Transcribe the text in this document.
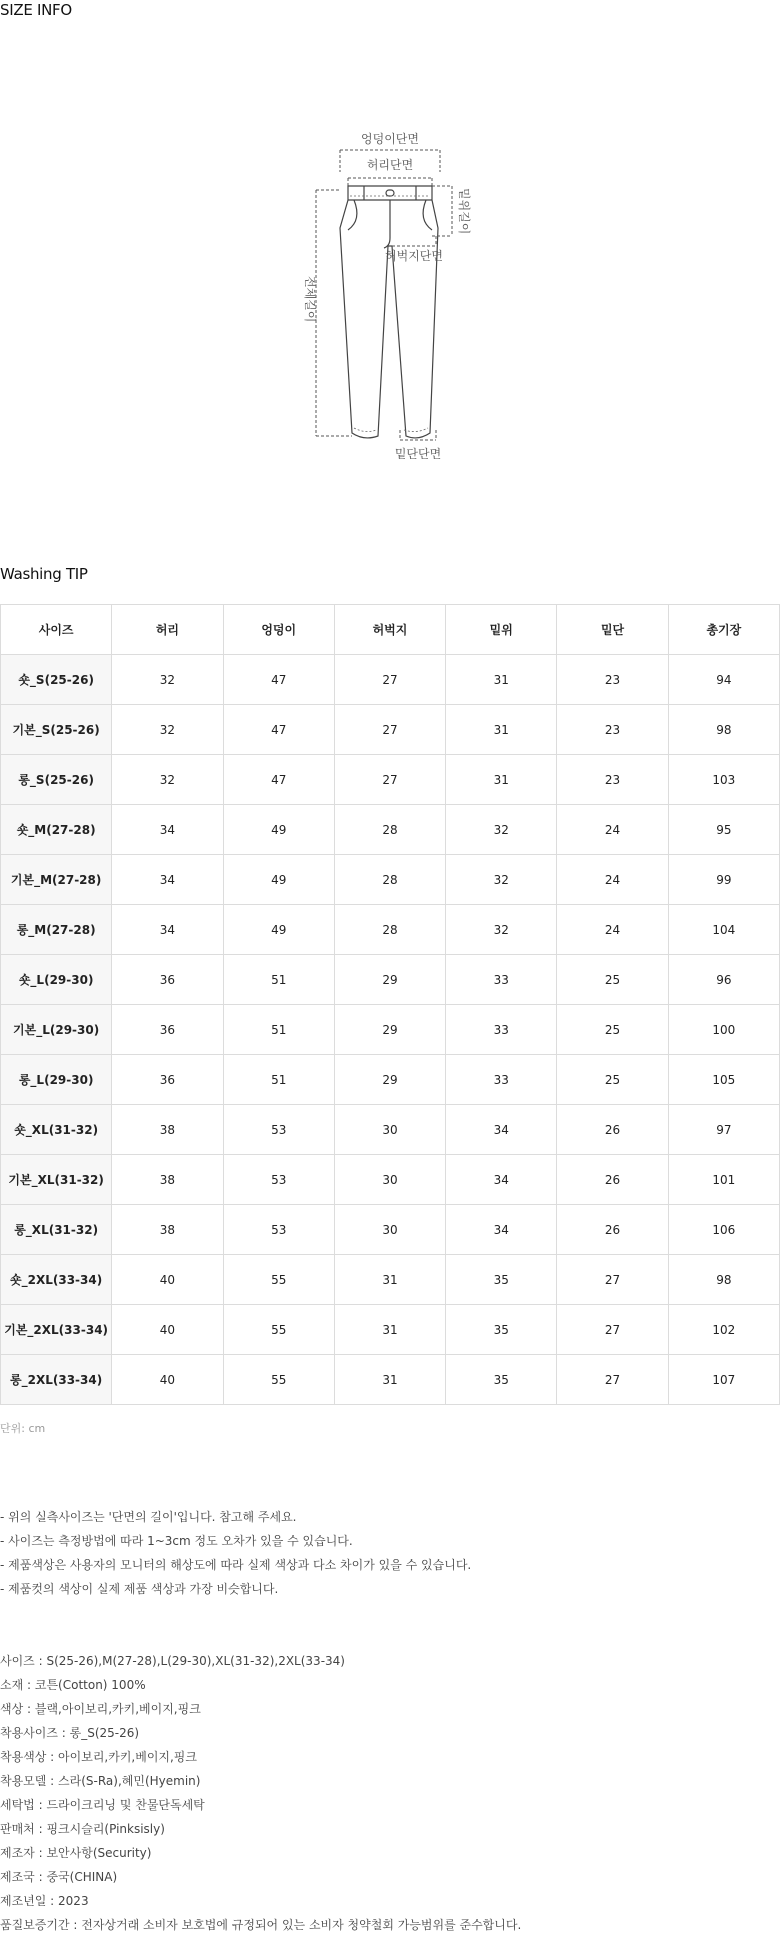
SIZE INFO
엉덩이단면
허리단면
밑위길이
허벅지단면
전체길이
밑단단면
Washing TIP
사이즈	허리	엉덩이	허벅지	밑위	밑단	총기장
숏_S(25-26)	32	47	27	31	23	94
기본_S(25-26)	32	47	27	31	23	98
롱_S(25-26)	32	47	27	31	23	103
숏_M(27-28)	34	49	28	32	24	95
기본_M(27-28)	34	49	28	32	24	99
롱_M(27-28)	34	49	28	32	24	104
숏_L(29-30)	36	51	29	33	25	96
기본_L(29-30)	36	51	29	33	25	100
롱_L(29-30)	36	51	29	33	25	105
숏_XL(31-32)	38	53	30	34	26	97
기본_XL(31-32)	38	53	30	34	26	101
롱_XL(31-32)	38	53	30	34	26	106
숏_2XL(33-34)	40	55	31	35	27	98
기본_2XL(33-34)	40	55	31	35	27	102
롱_2XL(33-34)	40	55	31	35	27	107
단위: cm
- 위의 실측사이즈는 '단면의 길이'입니다. 참고해 주세요.
- 사이즈는 측정방법에 따라 1~3cm 정도 오차가 있을 수 있습니다.
- 제품색상은 사용자의 모니터의 해상도에 따라 실제 색상과 다소 차이가 있을 수 있습니다.
- 제품컷의 색상이 실제 제품 색상과 가장 비슷합니다.
사이즈 : S(25-26),M(27-28),L(29-30),XL(31-32),2XL(33-34)
소재 : 코튼(Cotton) 100%
색상 : 블랙,아이보리,카키,베이지,핑크
착용사이즈 : 롱_S(25-26)
착용색상 : 아이보리,카키,베이지,핑크
착용모델 : 스라(S-Ra),혜민(Hyemin)
세탁법 : 드라이크리닝 및 찬물단독세탁
판매처 : 핑크시슬리(Pinksisly)
제조자 : 보안사항(Security)
제조국 : 중국(CHINA)
제조년일 : 2023
품질보증기간 : 전자상거래 소비자 보호법에 규정되어 있는 소비자 청약철회 가능범위를 준수합니다.
